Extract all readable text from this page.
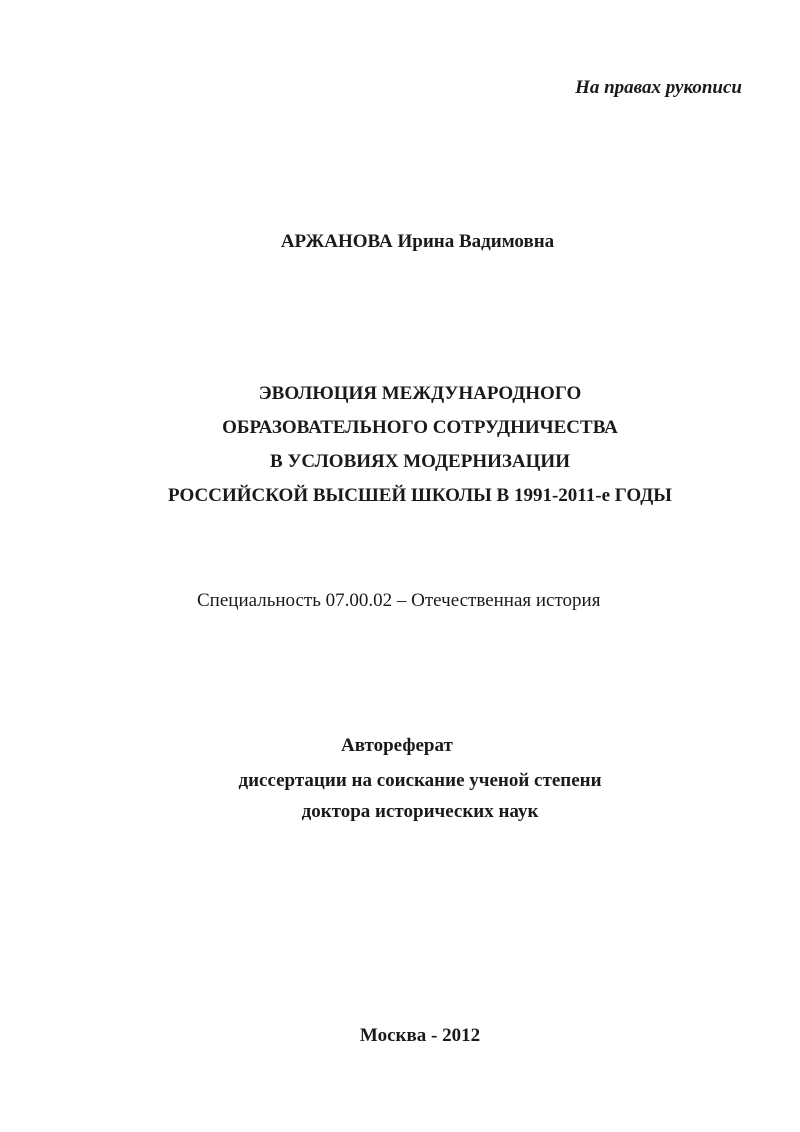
На правах рукописи
АРЖАНОВА Ирина Вадимовна
ЭВОЛЮЦИЯ МЕЖДУНАРОДНОГО
ОБРАЗОВАТЕЛЬНОГО СОТРУДНИЧЕСТВА
В УСЛОВИЯХ МОДЕРНИЗАЦИИ
РОССИЙСКОЙ ВЫСШЕЙ ШКОЛЫ В 1991-2011-е ГОДЫ
Специальность 07.00.02 – Отечественная история
Автореферат
диссертации на соискание ученой степени
доктора исторических наук
Москва - 2012
